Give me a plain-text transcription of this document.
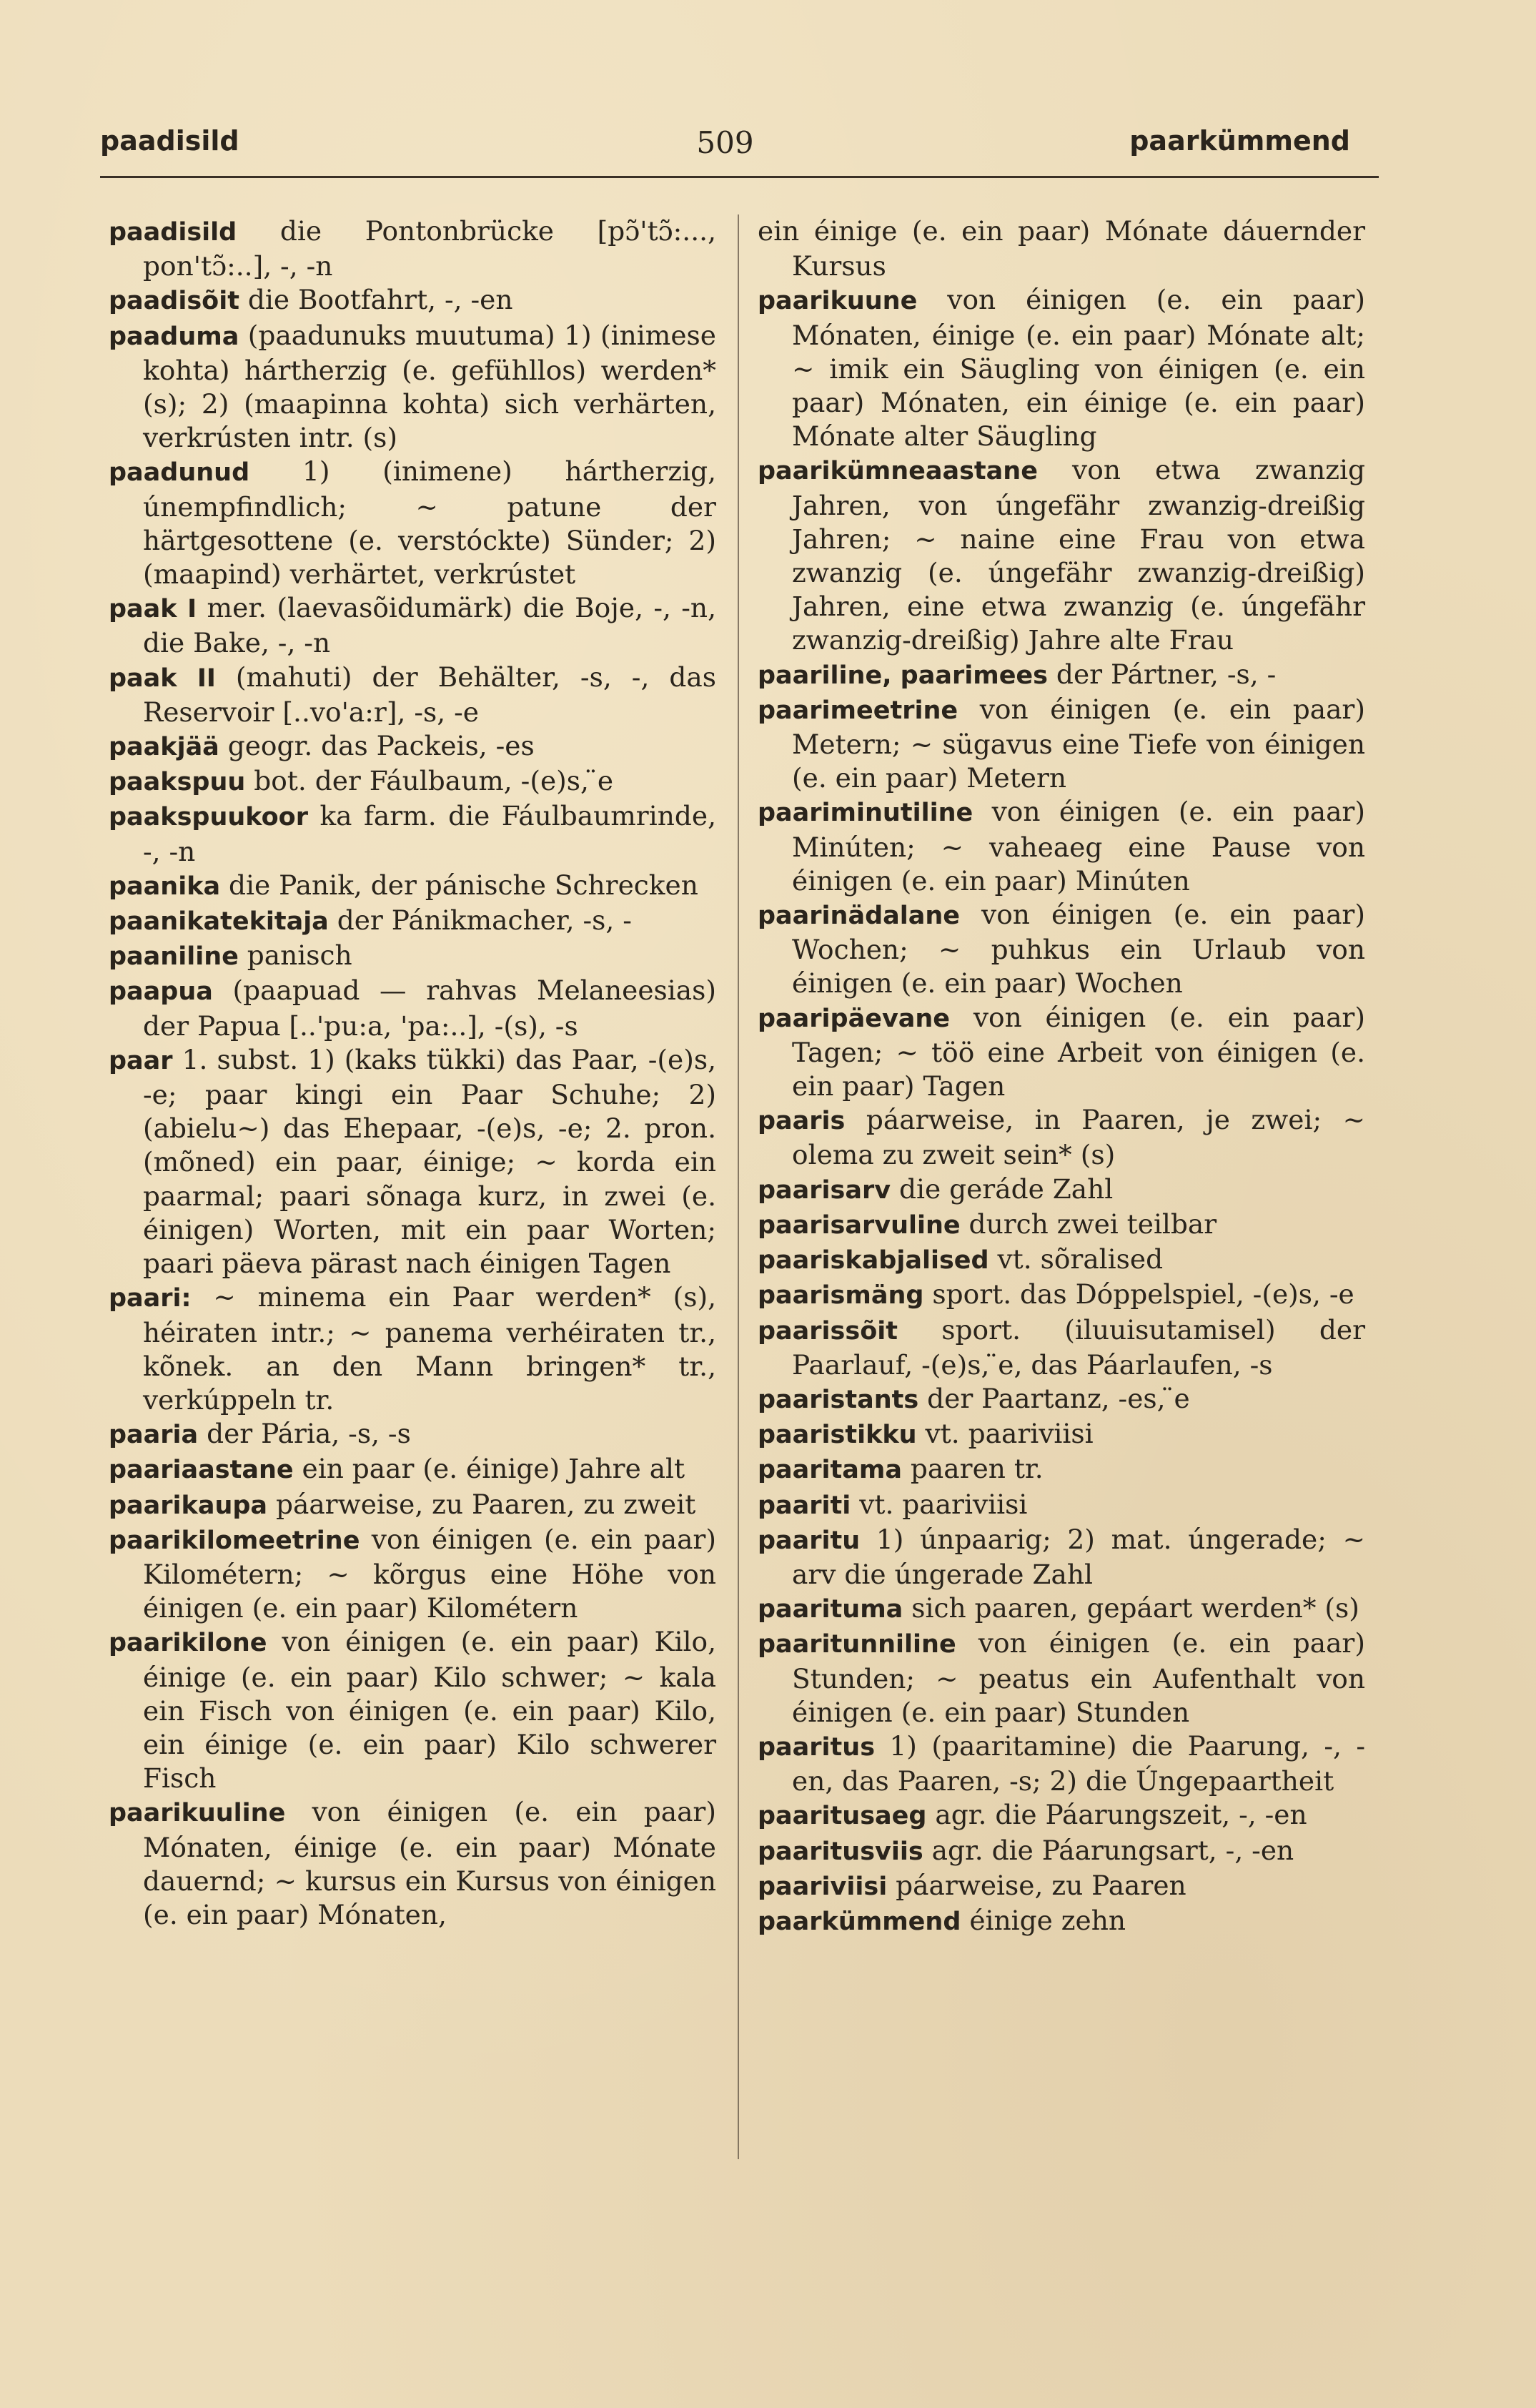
paadisild	509	paarkümmend

paadisild die Pontonbrücke [pɔ̃'tɔ̃:..., pon'tɔ̃:..], -, -n

paadisõit die Bootfahrt, -, -en

paaduma (paadunuks muutuma) 1) (inimese kohta) hártherzig (e. gefühllos) werden* (s); 2) (maapinna kohta) sich verhärten, verkrústen intr. (s)

paadunud 1) (inimene) hártherzig, únempfindlich; ~ patune der härtgesottene (e. verstóckte) Sünder; 2) (maapind) verhärtet, verkrústet

paak I mer. (laevasõidumärk) die Boje, -, -n, die Bake, -, -n

paak II (mahuti) der Behälter, -s, -, das Reservoir [..vo'a:r], -s, -e

paakjää geogr. das Packeis, -es

paakspuu bot. der Fáulbaum, -(e)s, ̈e

paakspuukoor ka farm. die Fáulbaumrinde, -, -n

paanika die Panik, der pánische Schrecken

paanikatekitaja der Pánikmacher, -s, -

paaniline panisch

paapua (paapuad — rahvas Melaneesias) der Papua [..'pu:a, 'pa:..], -(s), -s

paar 1. subst. 1) (kaks tükki) das Paar, -(e)s, -e; paar kingi ein Paar Schuhe; 2) (abielu~) das Ehepaar, -(e)s, -e; 2. pron. (mõned) ein paar, éinige; ~ korda ein paarmal; paari sõnaga kurz, in zwei (e. éinigen) Worten, mit ein paar Worten; paari päeva pärast nach éinigen Tagen

paari: ~ minema ein Paar werden* (s), héiraten intr.; ~ panema verhéiraten tr., kõnek. an den Mann bringen* tr., verkúppeln tr.

paaria der Pária, -s, -s

paariaastane ein paar (e. éinige) Jahre alt

paarikaupa páarweise, zu Paaren, zu zweit

paarikilomeetrine von éinigen (e. ein paar) Kilométern; ~ kõrgus eine Höhe von éinigen (e. ein paar) Kilométern

paarikilone von éinigen (e. ein paar) Kilo, éinige (e. ein paar) Kilo schwer; ~ kala ein Fisch von éinigen (e. ein paar) Kilo, ein éinige (e. ein paar) Kilo schwerer Fisch

paarikuuline von éinigen (e. ein paar) Mónaten, éinige (e. ein paar) Mónate dauernd; ~ kursus ein Kursus von éinigen (e. ein paar) Mónaten,

ein éinige (e. ein paar) Mónate dáuernder Kursus

paarikuune von éinigen (e. ein paar) Mónaten, éinige (e. ein paar) Mónate alt; ~ imik ein Säugling von éinigen (e. ein paar) Mónaten, ein éinige (e. ein paar) Mónate alter Säugling

paarikümneaastane von etwa zwanzig Jahren, von úngefähr zwanzig-dreißig Jahren; ~ naine eine Frau von etwa zwanzig (e. úngefähr zwanzig-dreißig) Jahren, eine etwa zwanzig (e. úngefähr zwanzig-dreißig) Jahre alte Frau

paariline, paarimees der Pártner, -s, -

paarimeetrine von éinigen (e. ein paar) Metern; ~ sügavus eine Tiefe von éinigen (e. ein paar) Metern

paariminutiline von éinigen (e. ein paar) Minúten; ~ vaheaeg eine Pause von éinigen (e. ein paar) Minúten

paarinädalane von éinigen (e. ein paar) Wochen; ~ puhkus ein Urlaub von éinigen (e. ein paar) Wochen

paaripäevane von éinigen (e. ein paar) Tagen; ~ töö eine Arbeit von éinigen (e. ein paar) Tagen

paaris páarweise, in Paaren, je zwei; ~ olema zu zweit sein* (s)

paarisarv die geráde Zahl

paarisarvuline durch zwei teilbar

paariskabjalised vt. sõralised

paarismäng sport. das Dóppelspiel, -(e)s, -e

paarissõit sport. (iluuisutamisel) der Paarlauf, -(e)s, ̈e, das Páarlaufen, -s

paaristants der Paartanz, -es, ̈e

paaristikku vt. paariviisi

paaritama paaren tr.

paariti vt. paariviisi

paaritu 1) únpaarig; 2) mat. úngerade; ~ arv die úngerade Zahl

paarituma sich paaren, gepáart werden* (s)

paaritunniline von éinigen (e. ein paar) Stunden; ~ peatus ein Aufenthalt von éinigen (e. ein paar) Stunden

paaritus 1) (paaritamine) die Paarung, -, -en, das Paaren, -s; 2) die Úngepaartheit

paaritusaeg agr. die Páarungszeit, -, -en

paaritusviis agr. die Páarungsart, -, -en

paariviisi páarweise, zu Paaren

paarkümmend éinige zehn
